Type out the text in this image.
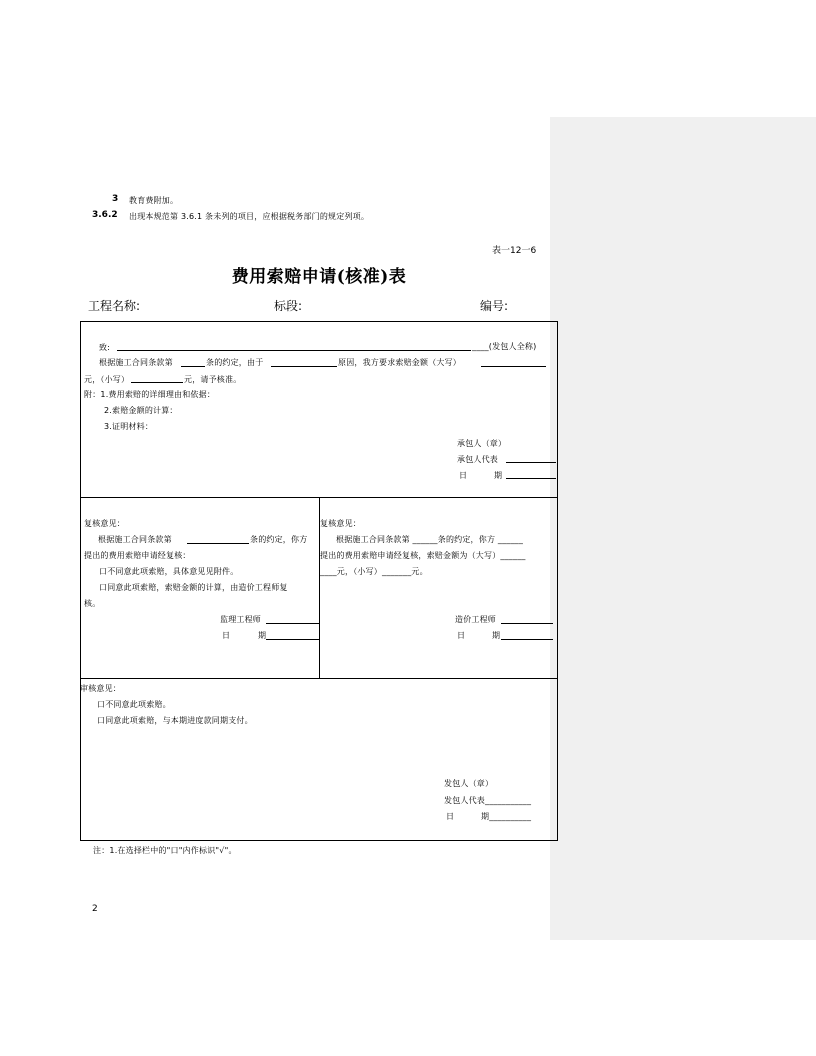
3 教育费附加。
3.6.2 出现本规范第 3.6.1 条未列的项目，应根据税务部门的规定列项。
表一12一6
费用索赔申请(核准)表
工程名称:	标段:	编号:
致:	____(发包人全称)
根据施工合同条款第	条的约定，由于	原因，我方要求索赔金额（大写）
元，（小写）	元，请予核准。
附：1.费用索赔的详细理由和依据：
2.索赔金额的计算：
3.证明材料：
承包人（章）
承包人代表
日	期
复核意见：
根据施工合同条款第	条的约定，你方
提出的费用索赔申请经复核：
口不同意此项索赔，具体意见见附件。
口同意此项索赔，索赔金额的计算，由造价工程师复
核。
监理工程师
日	期
复核意见：
根据施工合同条款第 ______条的约定，你方 ______
提出的费用索赔申请经复核，索赔金额为（大写）______
____元，（小写）_______元。
造价工程师
日	期
审核意见：
口不同意此项索赔。
口同意此项索赔，与本期进度款同期支付。
发包人（章）
发包人代表___________
日	期__________
注：1.在选择栏中的"口"内作标识"√"。
2
